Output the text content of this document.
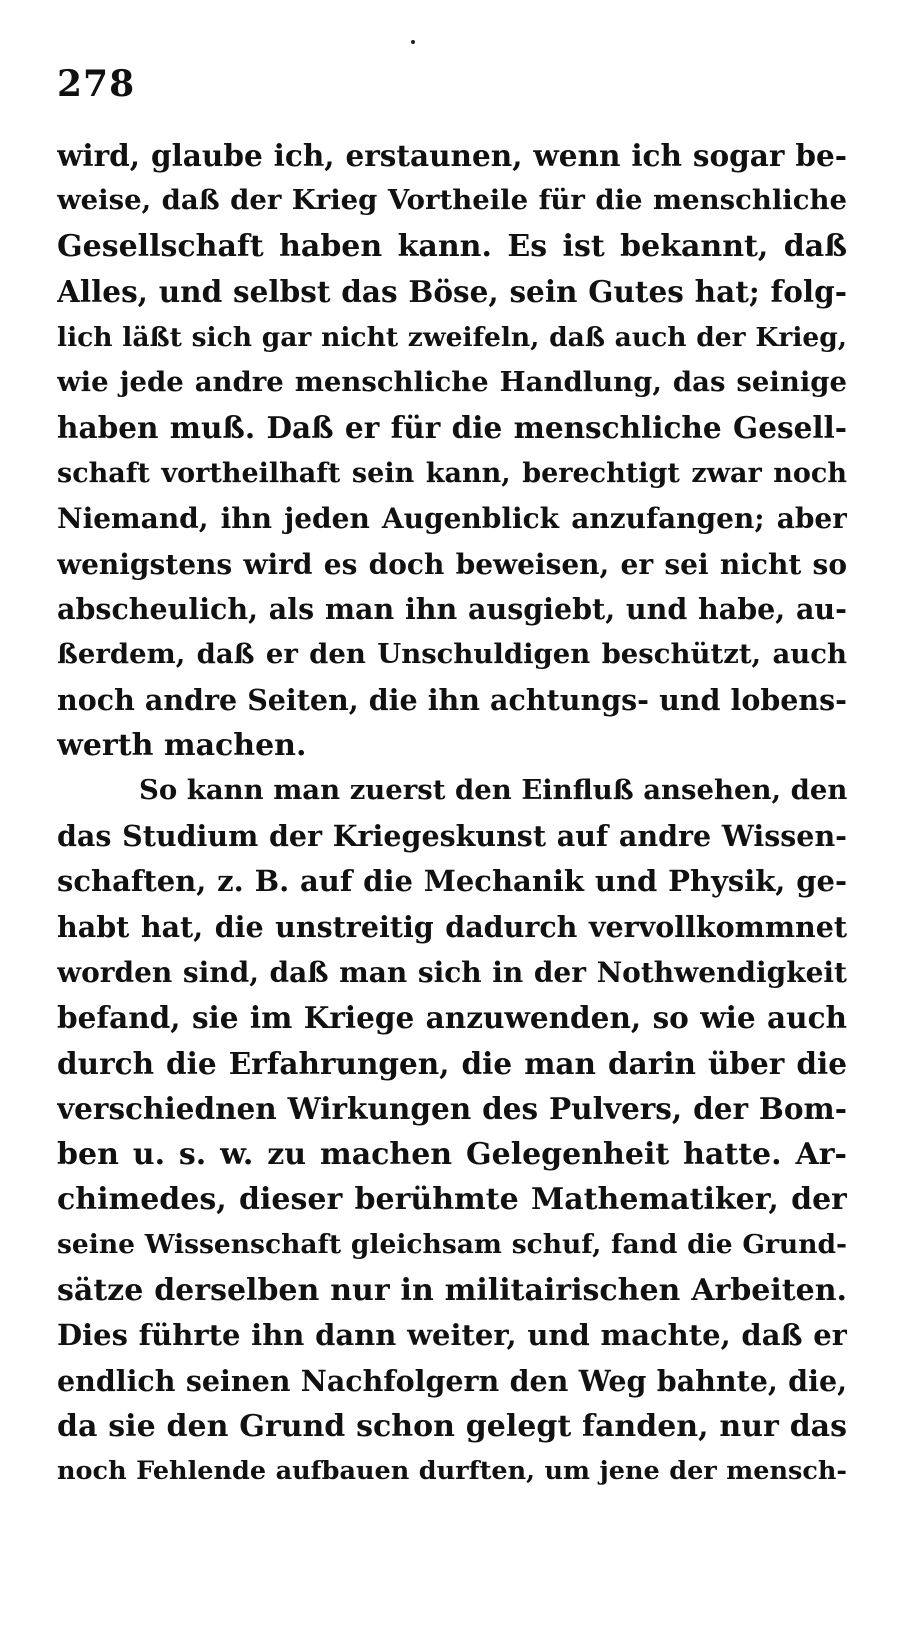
278
wird, glaube ich, erstaunen, wenn ich sogar be-
weise, daß der Krieg Vortheile für die menschliche
Gesellschaft haben kann. Es ist bekannt, daß
Alles, und selbst das Böse, sein Gutes hat; folg-
lich läßt sich gar nicht zweifeln, daß auch der Krieg,
wie jede andre menschliche Handlung, das seinige
haben muß. Daß er für die menschliche Gesell-
schaft vortheilhaft sein kann, berechtigt zwar noch
Niemand, ihn jeden Augenblick anzufangen; aber
wenigstens wird es doch beweisen, er sei nicht so
abscheulich, als man ihn ausgiebt, und habe, au-
ßerdem, daß er den Unschuldigen beschützt, auch
noch andre Seiten, die ihn achtungs- und lobens-
werth machen.
So kann man zuerst den Einfluß ansehen, den
das Studium der Kriegeskunst auf andre Wissen-
schaften, z. B. auf die Mechanik und Physik, ge-
habt hat, die unstreitig dadurch vervollkommnet
worden sind, daß man sich in der Nothwendigkeit
befand, sie im Kriege anzuwenden, so wie auch
durch die Erfahrungen, die man darin über die
verschiednen Wirkungen des Pulvers, der Bom-
ben u. s. w. zu machen Gelegenheit hatte. Ar-
chimedes, dieser berühmte Mathematiker, der
seine Wissenschaft gleichsam schuf, fand die Grund-
sätze derselben nur in militairischen Arbeiten.
Dies führte ihn dann weiter, und machte, daß er
endlich seinen Nachfolgern den Weg bahnte, die,
da sie den Grund schon gelegt fanden, nur das
noch Fehlende aufbauen durften, um jene der mensch-
